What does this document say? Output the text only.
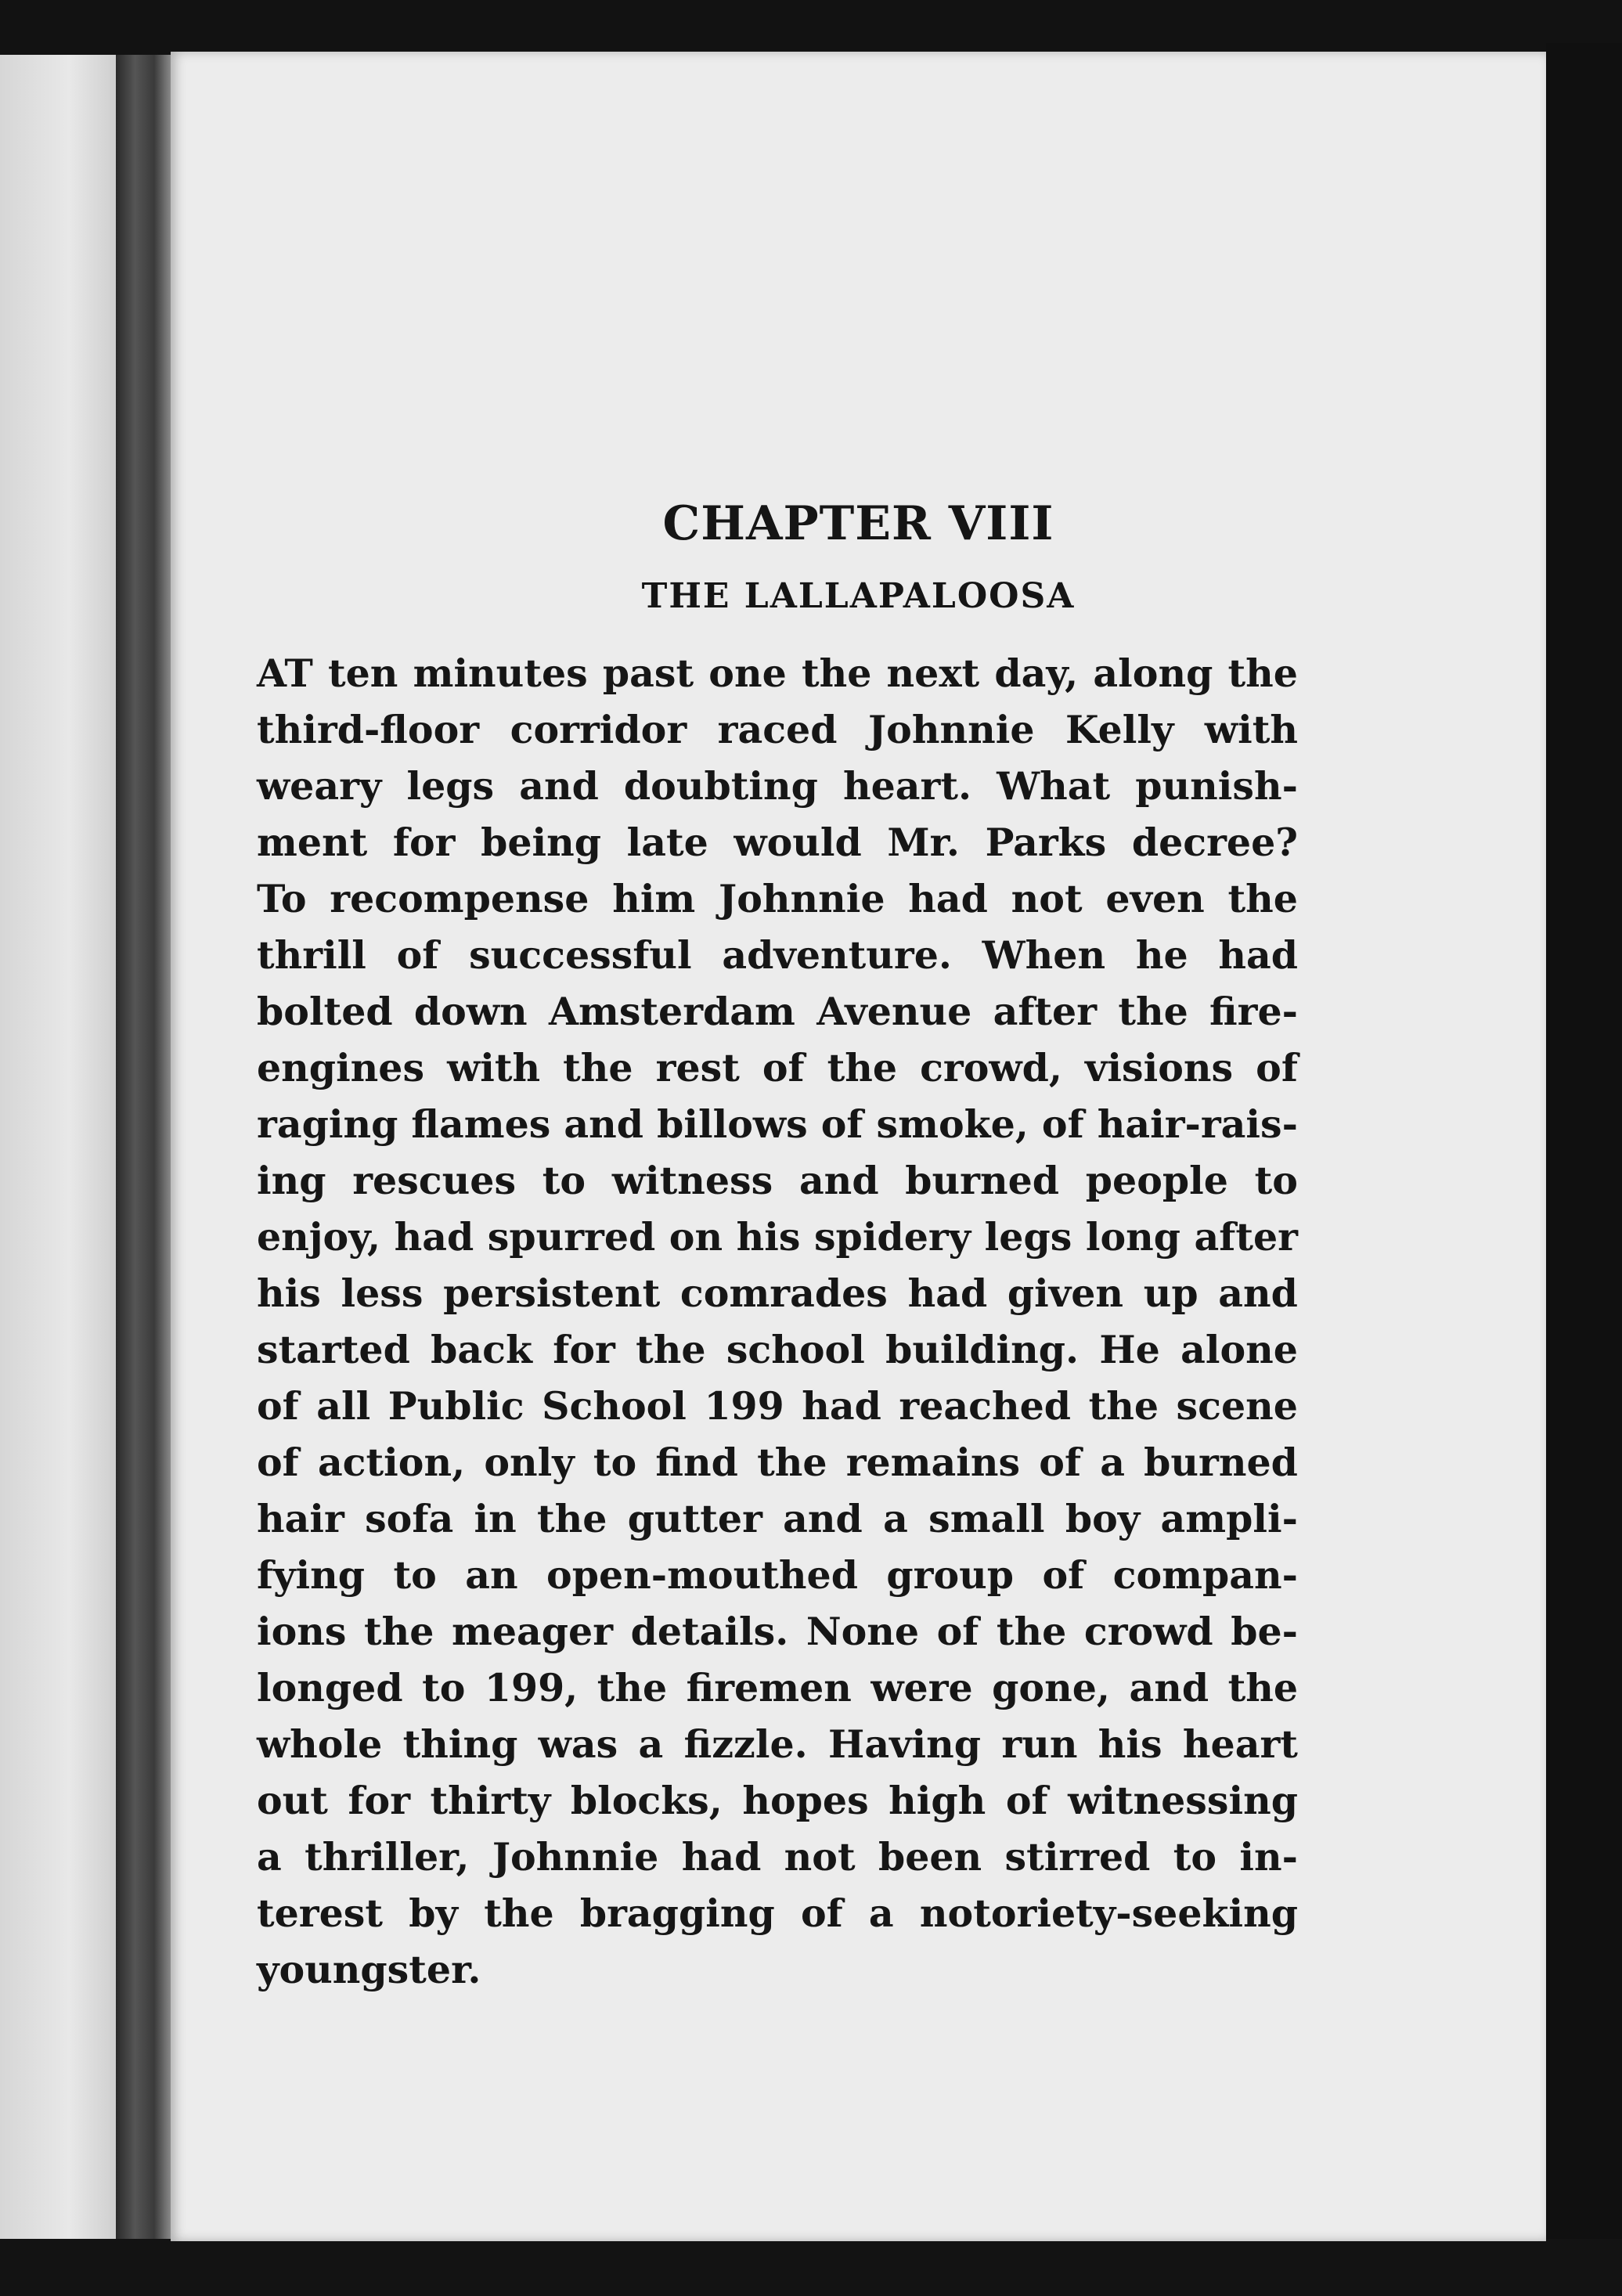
CHAPTER VIII
THE LALLAPALOOSA
AT ten minutes past one the next day, along the
third-floor corridor raced Johnnie Kelly with
weary legs and doubting heart. What punish-
ment for being late would Mr. Parks decree?
To recompense him Johnnie had not even the
thrill of successful adventure. When he had
bolted down Amsterdam Avenue after the fire-
engines with the rest of the crowd, visions of
raging flames and billows of smoke, of hair-rais-
ing rescues to witness and burned people to
enjoy, had spurred on his spidery legs long after
his less persistent comrades had given up and
started back for the school building. He alone
of all Public School 199 had reached the scene
of action, only to find the remains of a burned
hair sofa in the gutter and a small boy ampli-
fying to an open-mouthed group of compan-
ions the meager details. None of the crowd be-
longed to 199, the firemen were gone, and the
whole thing was a fizzle. Having run his heart
out for thirty blocks, hopes high of witnessing
a thriller, Johnnie had not been stirred to in-
terest by the bragging of a notoriety-seeking
youngster.
